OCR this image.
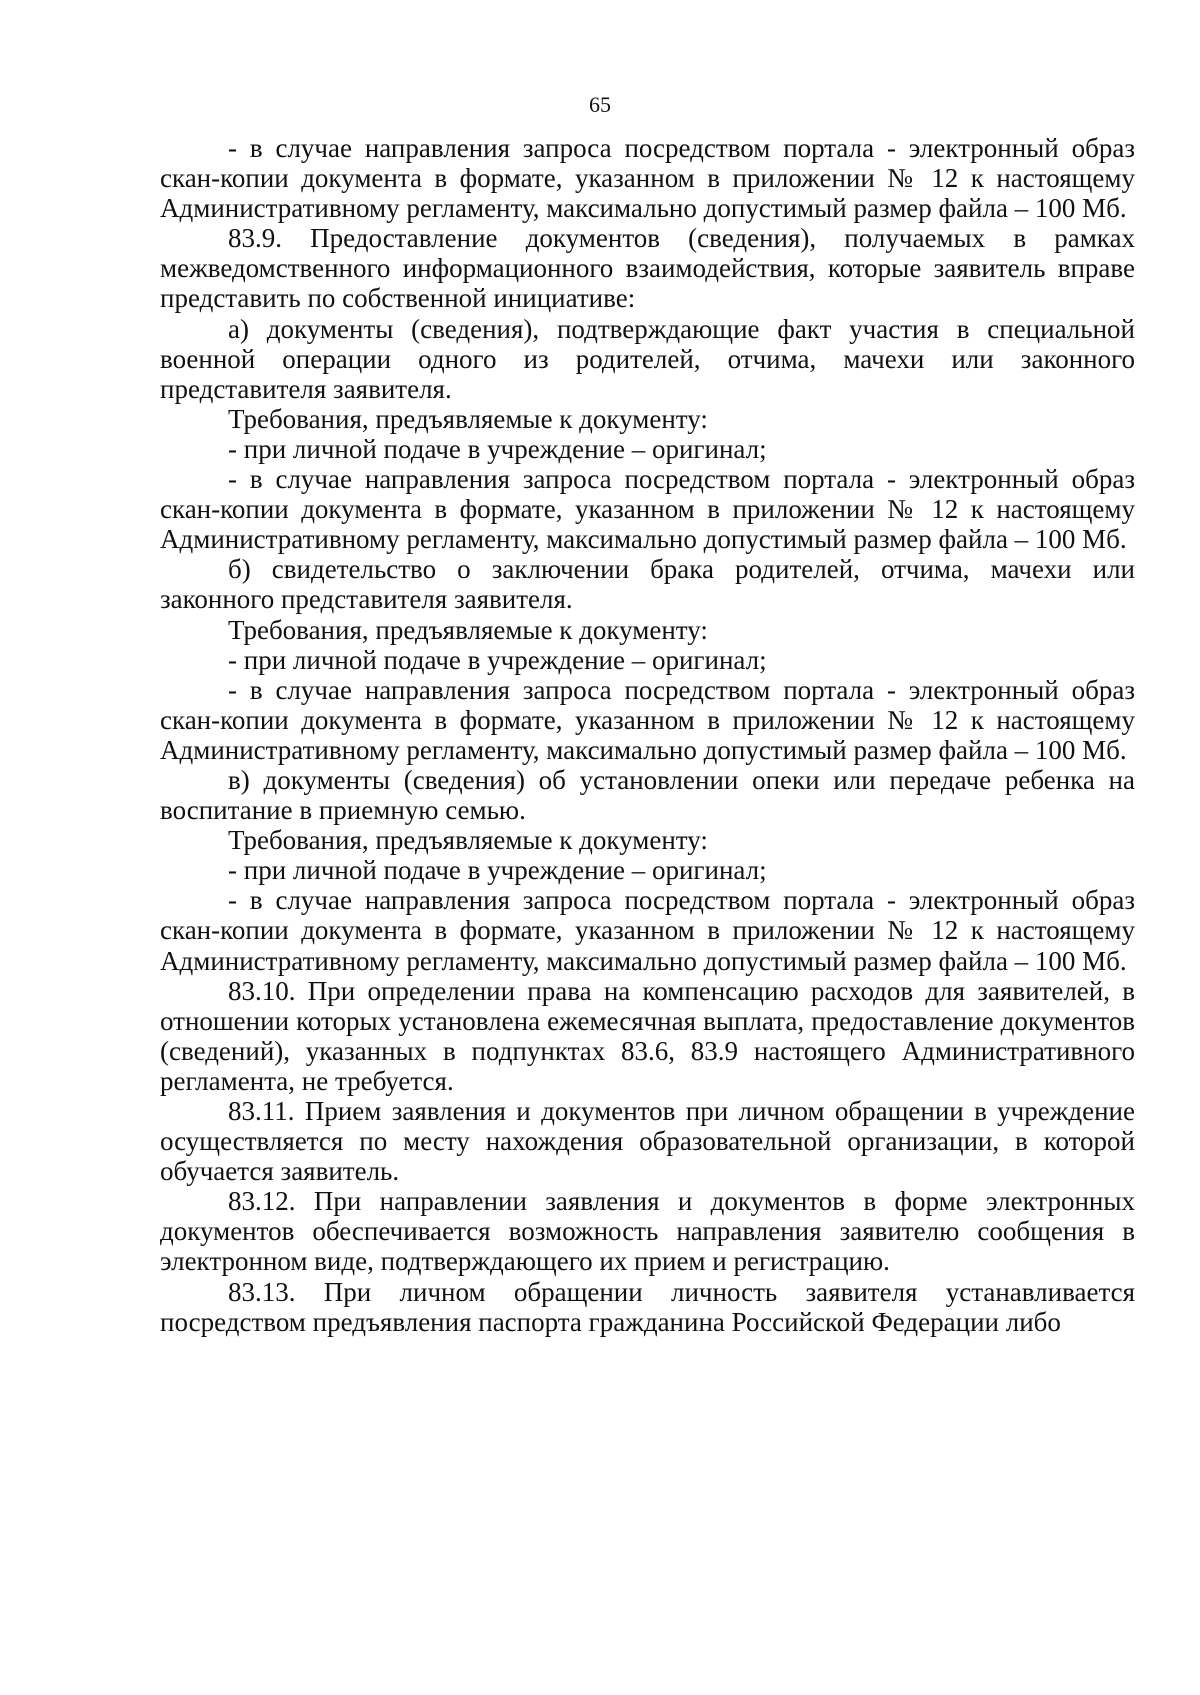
65

- в случае направления запроса посредством портала - электронный образ скан-копии документа в формате, указанном в приложении № 12 к настоящему Административному регламенту, максимально допустимый размер файла – 100 Мб.

83.9. Предоставление документов (сведения), получаемых в рамках межведомственного информационного взаимодействия, которые заявитель вправе представить по собственной инициативе:

а) документы (сведения), подтверждающие факт участия в специальной военной операции одного из родителей, отчима, мачехи или законного представителя заявителя.

Требования, предъявляемые к документу:

- при личной подаче в учреждение – оригинал;

- в случае направления запроса посредством портала - электронный образ скан-копии документа в формате, указанном в приложении № 12 к настоящему Административному регламенту, максимально допустимый размер файла – 100 Мб.

б) свидетельство о заключении брака родителей, отчима, мачехи или законного представителя заявителя.

Требования, предъявляемые к документу:

- при личной подаче в учреждение – оригинал;

- в случае направления запроса посредством портала - электронный образ скан-копии документа в формате, указанном в приложении № 12 к настоящему Административному регламенту, максимально допустимый размер файла – 100 Мб.

в) документы (сведения) об установлении опеки или передаче ребенка на воспитание в приемную семью.

Требования, предъявляемые к документу:

- при личной подаче в учреждение – оригинал;

- в случае направления запроса посредством портала - электронный образ скан-копии документа в формате, указанном в приложении № 12 к настоящему Административному регламенту, максимально допустимый размер файла – 100 Мб.

83.10. При определении права на компенсацию расходов для заявителей, в отношении которых установлена ежемесячная выплата, предоставление документов (сведений), указанных в подпунктах 83.6, 83.9 настоящего Административного регламента, не требуется.

83.11. Прием заявления и документов при личном обращении в учреждение осуществляется по месту нахождения образовательной организации, в которой обучается заявитель.

83.12. При направлении заявления и документов в форме электронных документов обеспечивается возможность направления заявителю сообщения в электронном виде, подтверждающего их прием и регистрацию.

83.13. При личном обращении личность заявителя устанавливается посредством предъявления паспорта гражданина Российской Федерации либо
